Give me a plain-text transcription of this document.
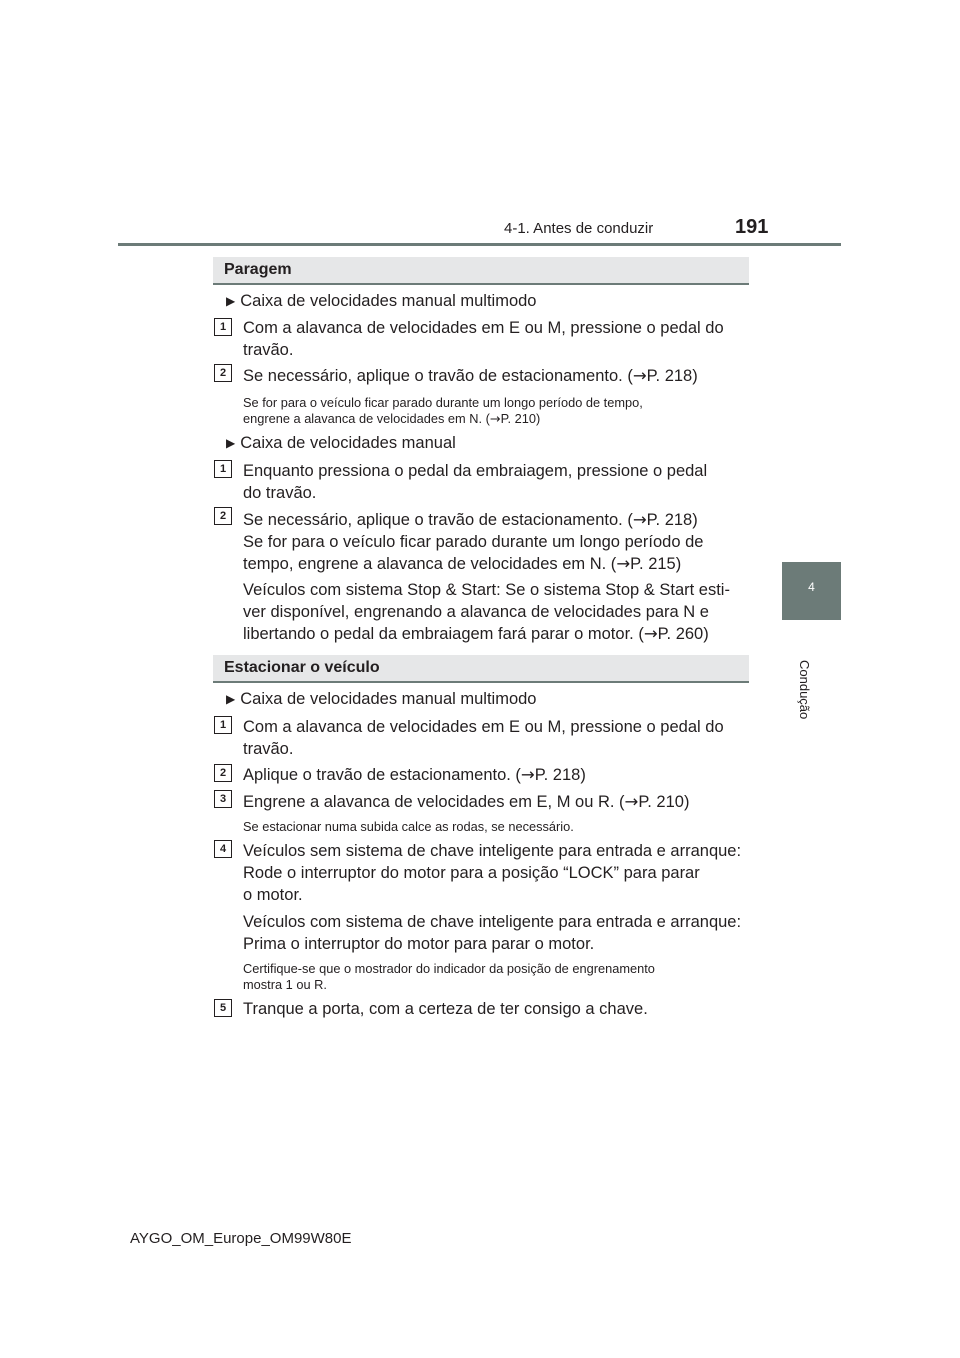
4-1. Antes de conduzir	191
4
Condução
Paragem
▶ Caixa de velocidades manual multimodo
1	Com a alavanca de velocidades em E ou M, pressione o pedal do
travão.
2	Se necessário, aplique o travão de estacionamento. (→P. 218)
Se for para o veículo ficar parado durante um longo período de tempo,
engrene a alavanca de velocidades em N. (→P. 210)
▶ Caixa de velocidades manual
1	Enquanto pressiona o pedal da embraiagem, pressione o pedal
do travão.
2	Se necessário, aplique o travão de estacionamento. (→P. 218)
Se for para o veículo ficar parado durante um longo período de
tempo, engrene a alavanca de velocidades em N. (→P. 215)
Veículos com sistema Stop & Start: Se o sistema Stop & Start esti-
ver disponível, engrenando a alavanca de velocidades para N e
libertando o pedal da embraiagem fará parar o motor. (→P. 260)
Estacionar o veículo
▶ Caixa de velocidades manual multimodo
1	Com a alavanca de velocidades em E ou M, pressione o pedal do
travão.
2	Aplique o travão de estacionamento. (→P. 218)
3	Engrene a alavanca de velocidades em E, M ou R. (→P. 210)
Se estacionar numa subida calce as rodas, se necessário.
4	Veículos sem sistema de chave inteligente para entrada e arranque:
Rode o interruptor do motor para a posição “LOCK” para parar
o motor.
Veículos com sistema de chave inteligente para entrada e arranque:
Prima o interruptor do motor para parar o motor.
Certifique-se que o mostrador do indicador da posição de engrenamento
mostra 1 ou R.
5	Tranque a porta, com a certeza de ter consigo a chave.
AYGO_OM_Europe_OM99W80E
